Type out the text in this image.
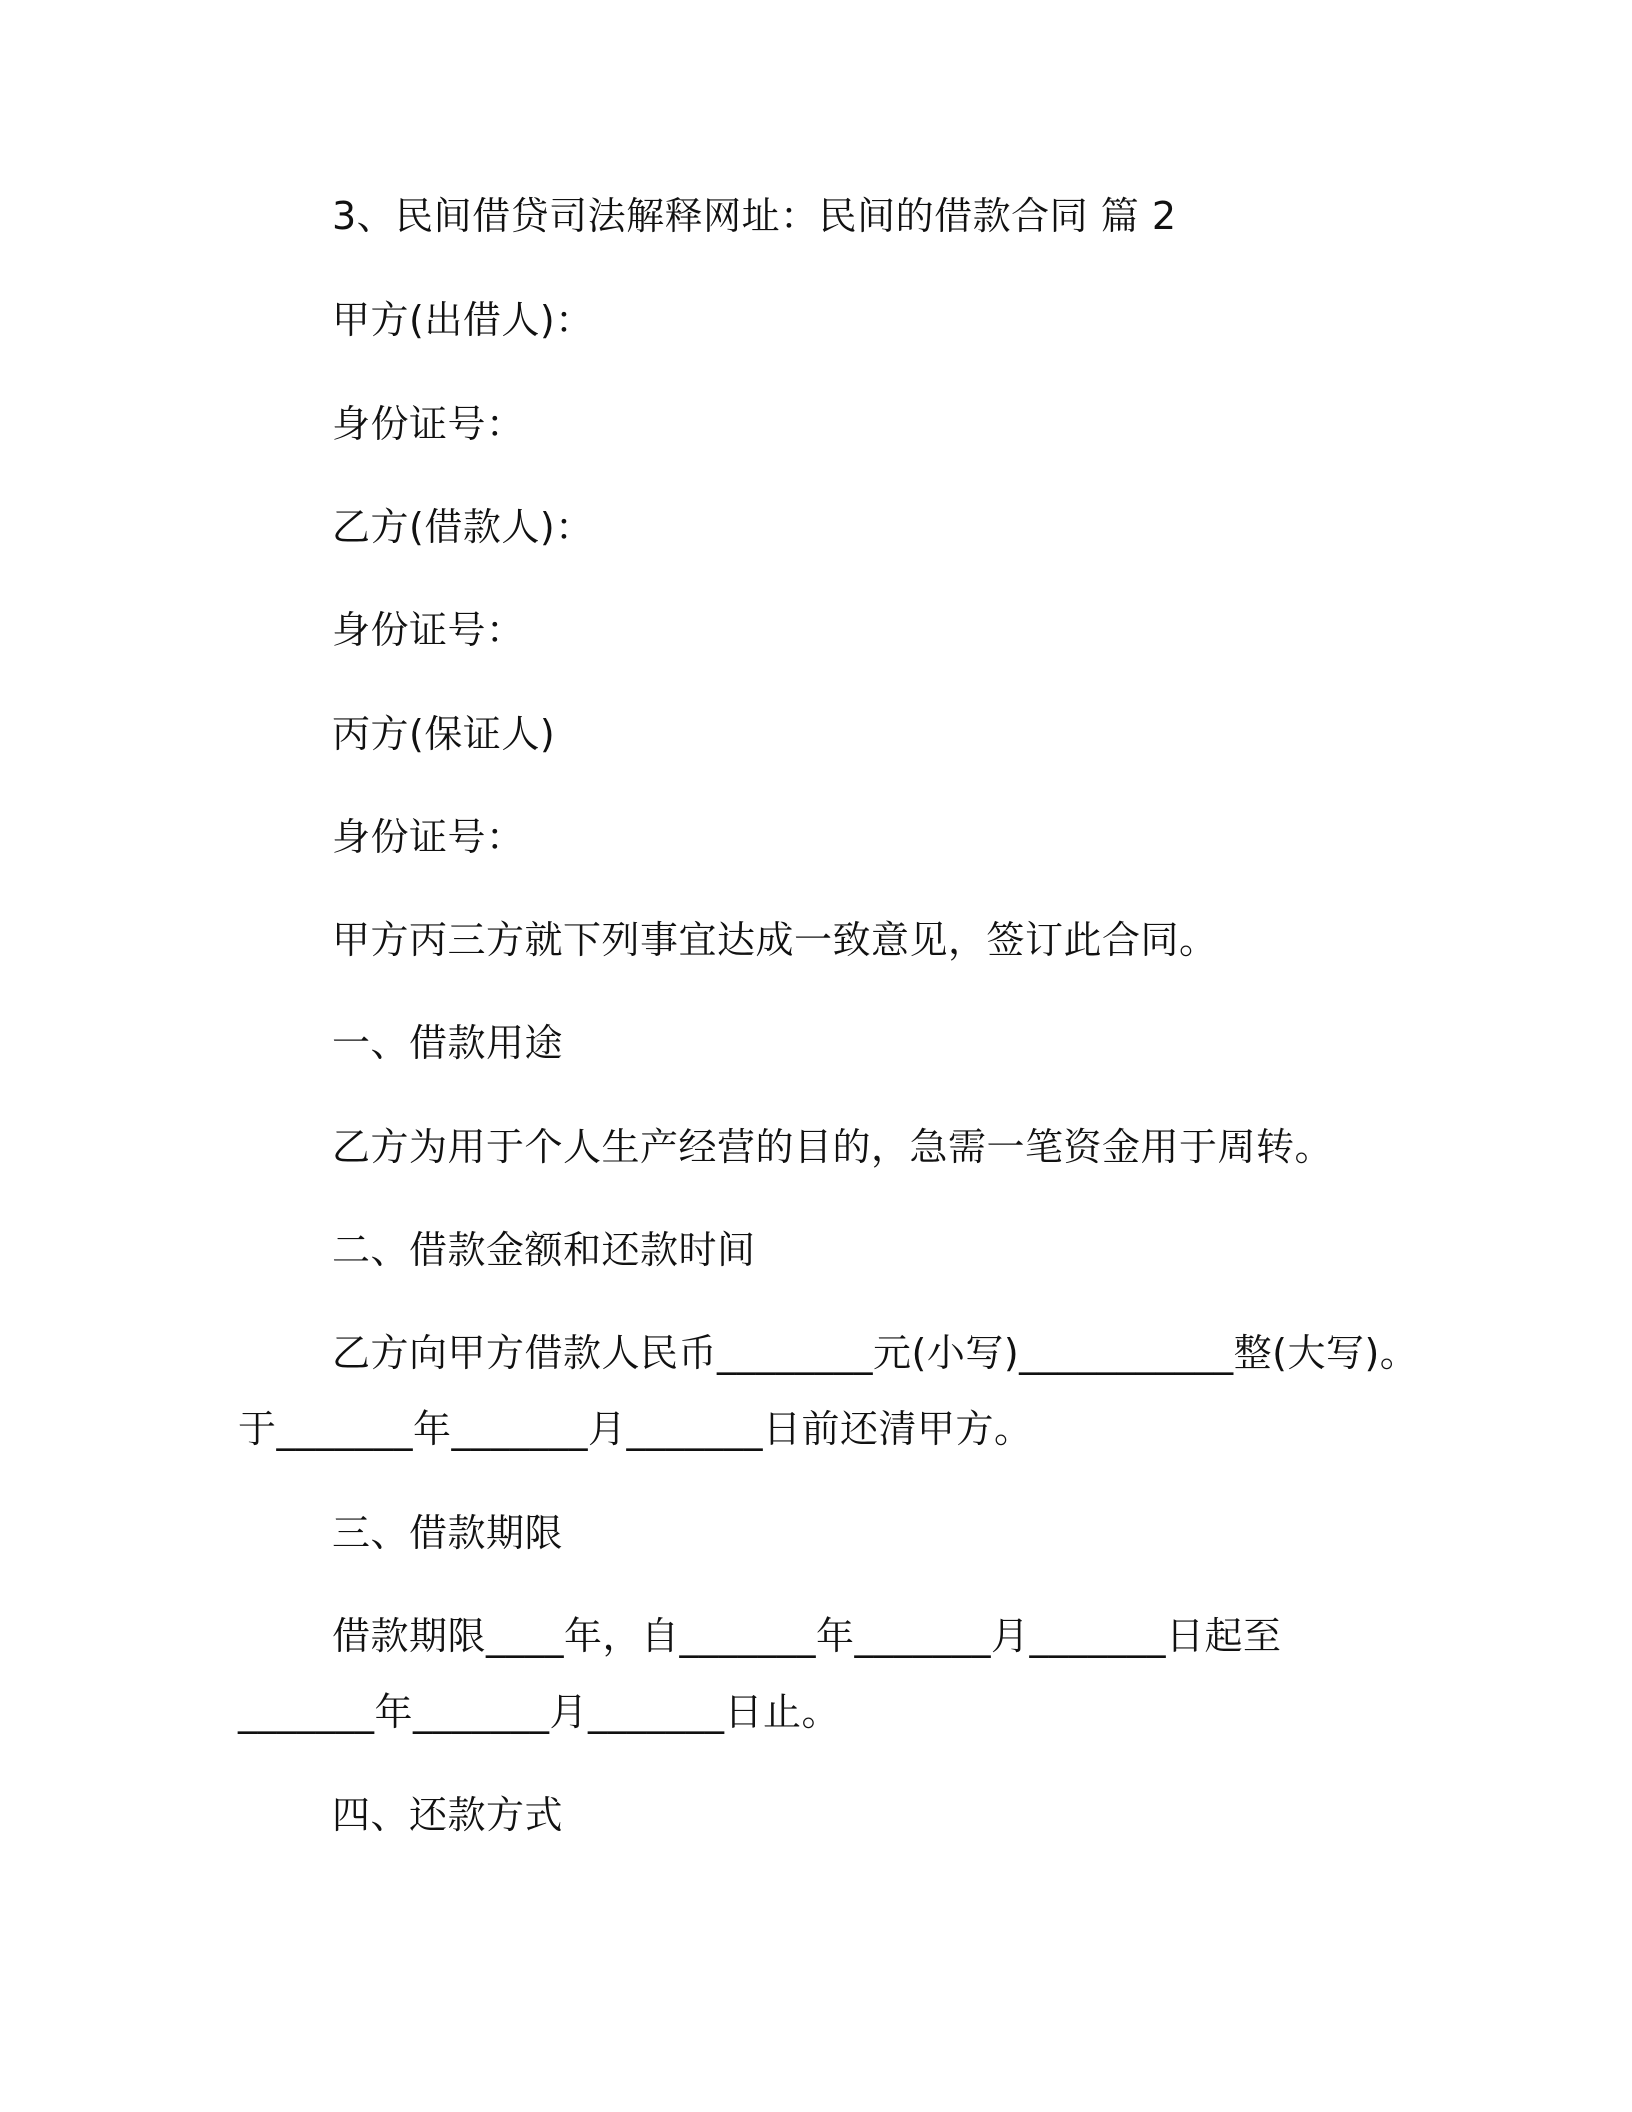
3、民间借贷司法解释网址：民间的借款合同 篇 2
甲方(出借人)：
身份证号：
乙方(借款人)：
身份证号：
丙方(保证人)
身份证号：
甲方丙三方就下列事宜达成一致意见，签订此合同。
一、借款用途
乙方为用于个人生产经营的目的，急需一笔资金用于周转。
二、借款金额和还款时间
乙方向甲方借款人民币________元(小写)___________整(大写)。
于_______年_______月_______日前还清甲方。
三、借款期限
借款期限____年，自_______年_______月_______日起至
_______年_______月_______日止。
四、还款方式
